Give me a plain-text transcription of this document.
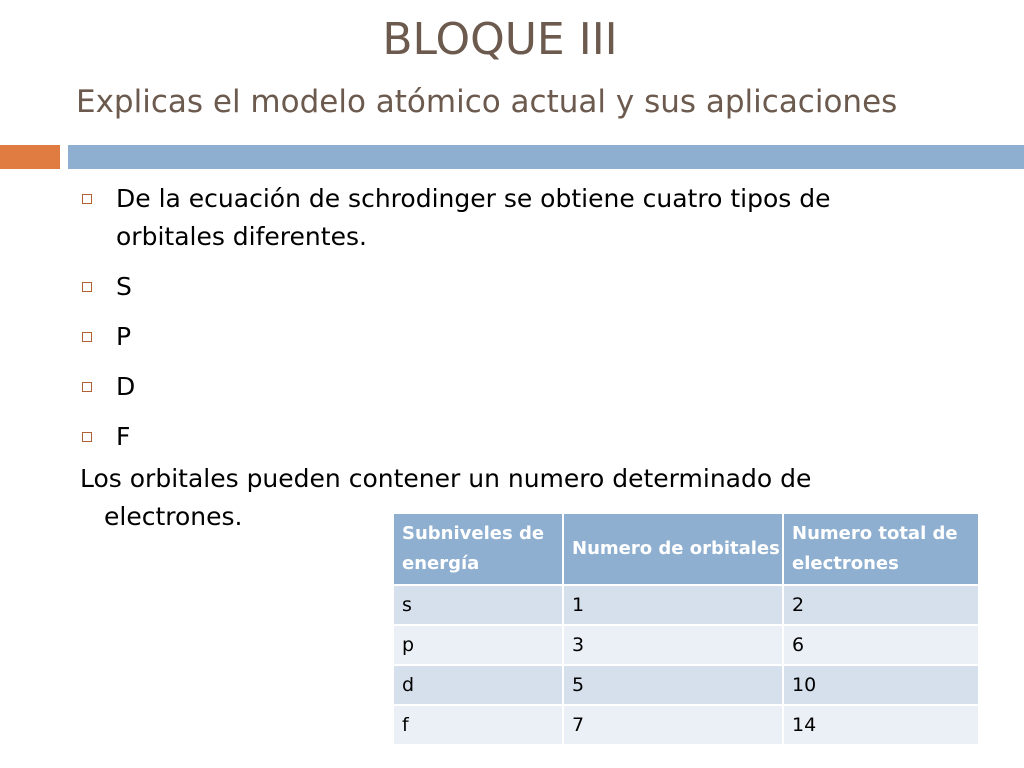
BLOQUE III
Explicas el modelo atómico actual y sus aplicaciones
De la ecuación de schrodinger se obtiene cuatro tipos de orbitales diferentes.
S
P
D
F
Los orbitales pueden contener un numero determinado de electrones.
Subniveles de energía	Numero de orbitales	Numero total de electrones
s	1	2
p	3	6
d	5	10
f	7	14
